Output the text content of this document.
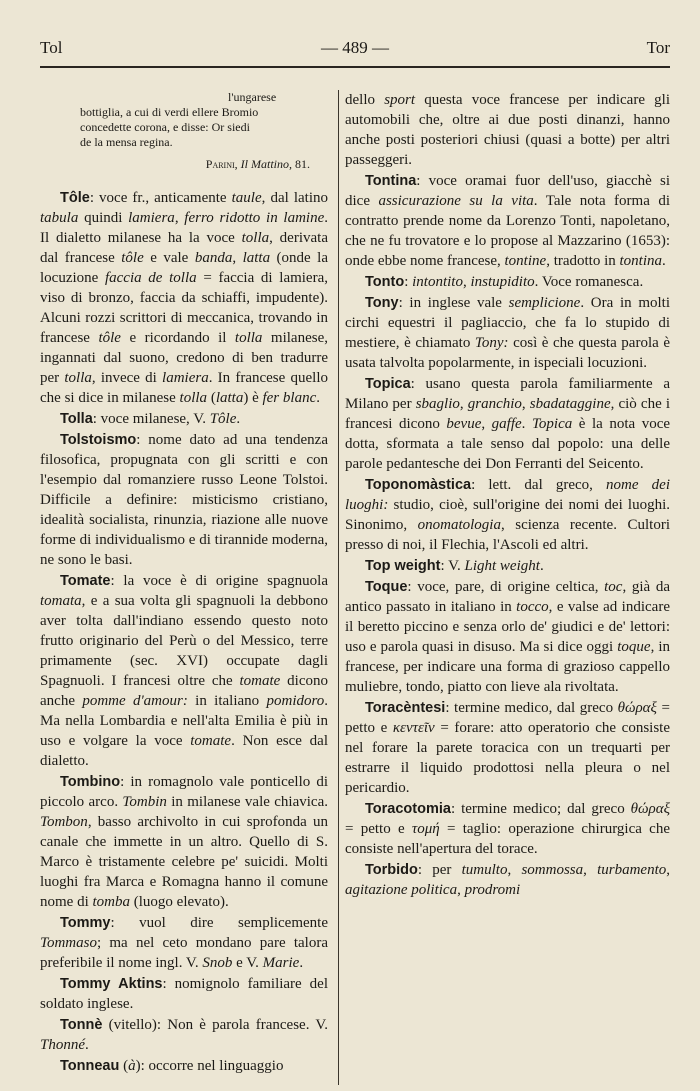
Tol	— 489 —	Tor
l'ungarese
bottiglia, a cui di verdi ellere Bromio
concedette corona, e disse: Or siedi
de la mensa regina.
Parini, Il Mattino, 81.

Tôle: voce fr., anticamente taule, dal latino tabula quindi lamiera, ferro ridotto in lamine. Il dialetto milanese ha la voce tolla, derivata dal francese tôle e vale banda, latta (onde la locuzione faccia de tolla = faccia di lamiera, viso di bronzo, faccia da schiaffi, impudente). Alcuni rozzi scrittori di meccanica, trovando in francese tôle e ricordando il tolla milanese, ingannati dal suono, credono di ben tradurre per tolla, invece di lamiera. In francese quello che si dice in milanese tolla (latta) è fer blanc.

Tolla: voce milanese, V. Tôle.

Tolstoismo: nome dato ad una tendenza filosofica, propugnata con gli scritti e con l'esempio dal romanziere russo Leone Tolstoi. Difficile a definire: misticismo cristiano, idealità socialista, rinunzia, riazione alle nuove forme di individualismo e di tirannide moderna, ne sono le basi.

Tomate: la voce è di origine spagnuola tomata, e a sua volta gli spagnuoli la debbono aver tolta dall'indiano essendo questo noto frutto originario del Perù o del Messico, terre primamente (sec. XVI) occupate dagli Spagnuoli. I francesi oltre che tomate dicono anche pomme d'amour: in italiano pomidoro. Ma nella Lombardia e nell'alta Emilia è più in uso e volgare la voce tomate. Non esce dal dialetto.

Tombino: in romagnolo vale ponticello di piccolo arco. Tombin in milanese vale chiavica. Tombon, basso archivolto in cui sprofonda un canale che immette in un altro. Quello di S. Marco è tristamente celebre pe' suicidi. Molti luoghi fra Marca e Romagna hanno il comune nome di tomba (luogo elevato).

Tommy: vuol dire semplicemente Tommaso; ma nel ceto mondano pare talora preferibile il nome ingl. V. Snob e V. Marie.

Tommy Aktins: nomignolo familiare del soldato inglese.

Tonnè (vitello): Non è parola francese. V. Thonné.

Tonneau (à): occorre nel linguaggio

dello sport questa voce francese per indicare gli automobili che, oltre ai due posti dinanzi, hanno anche posti posteriori chiusi (quasi a botte) per altri passeggeri.

Tontina: voce oramai fuor dell'uso, giacchè si dice assicurazione su la vita. Tale nota forma di contratto prende nome da Lorenzo Tonti, napoletano, che ne fu trovatore e lo propose al Mazzarino (1653): onde ebbe nome francese, tontine, tradotto in tontina.

Tonto: intontito, instupidito. Voce romanesca.

Tony: in inglese vale semplicione. Ora in molti circhi equestri il pagliaccio, che fa lo stupido di mestiere, è chiamato Tony: così è che questa parola è usata talvolta popolarmente, in ispeciali locuzioni.

Topica: usano questa parola familiarmente a Milano per sbaglio, granchio, sbadataggine, ciò che i francesi dicono bevue, gaffe. Topica è la nota voce dotta, sformata a tale senso dal popolo: una delle parole pedantesche dei Don Ferranti del Seicento.

Toponomàstica: lett. dal greco, nome dei luoghi: studio, cioè, sull'origine dei nomi dei luoghi. Sinonimo, onomatologia, scienza recente. Cultori presso di noi, il Flechia, l'Ascoli ed altri.

Top weight: V. Light weight.

Toque: voce, pare, di origine celtica, toc, già da antico passato in italiano in tocco, e valse ad indicare il beretto piccino e senza orlo de' giudici e de' lettori: uso e parola quasi in disuso. Ma si dice oggi toque, in francese, per indicare una forma di grazioso cappello muliebre, tondo, piatto con lieve ala rivoltata.

Toracèntesi: termine medico, dal greco θώραξ = petto e κεντεῖν = forare: atto operatorio che consiste nel forare la parete toracica con un trequarti per estrarre il liquido prodottosi nella pleura o nel pericardio.

Toracotomia: termine medico; dal greco θώραξ = petto e τομή = taglio: operazione chirurgica che consiste nell'apertura del torace.

Torbido: per tumulto, sommossa, turbamento, agitazione politica, prodromi
